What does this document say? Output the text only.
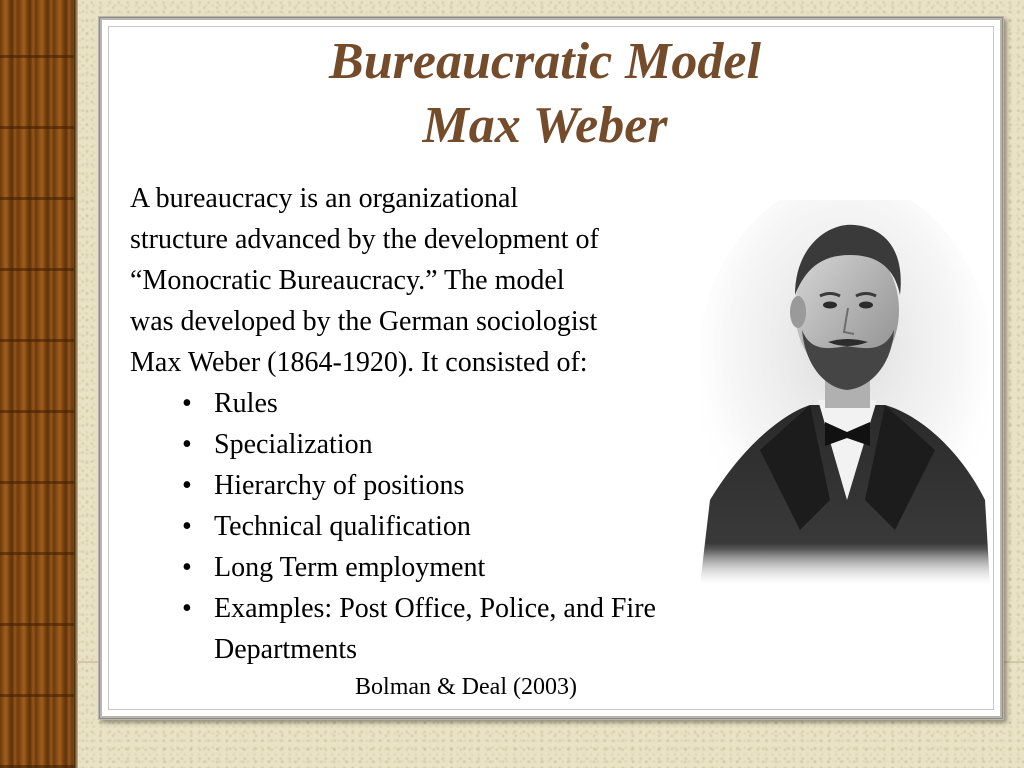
Bureaucratic Model
Max Weber
A bureaucracy is an organizational
structure advanced by the development of
“Monocratic Bureaucracy.” The model
was developed by the German sociologist
Max Weber (1864-1920). It consisted of:
• Rules
• Specialization
• Hierarchy of positions
• Technical qualification
• Long Term employment
• Examples: Post Office, Police, and Fire Departments
Bolman & Deal (2003)
